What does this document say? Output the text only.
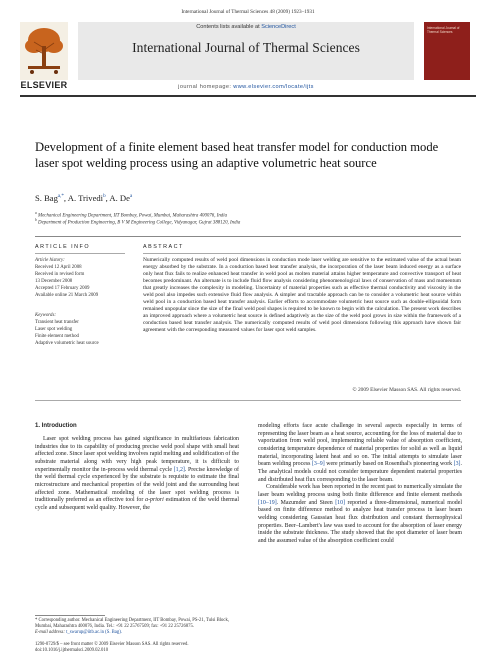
International Journal of Thermal Sciences 48 (2009) 1923–1931
ELSEVIER
Contents lists available at ScienceDirect
International Journal of Thermal Sciences
journal homepage: www.elsevier.com/locate/ijts
International Journal of Thermal Sciences
Development of a finite element based heat transfer model for conduction mode laser spot welding process using an adaptive volumetric heat source
S. Bag$^{a,*}$, A. Trivedi$^b$, A. De$^a$
$^a$ Mechanical Engineering Department, IIT Bombay, Powai, Mumbai, Maharashtra 400076, India
$^b$ Department of Production Engineering, B V M Engineering College, Vidyanagar, Gujrat 388120, India
ARTICLE INFO	ABSTRACT
Article history:
Received 12 April 2008
Received in revised form
13 December 2008
Accepted 17 February 2009
Available online 21 March 2009
Keywords:
Transient heat transfer
Laser spot welding
Finite element method
Adaptive volumetric heat source
Numerically computed results of weld pool dimensions in conduction mode laser welding are sensitive to the estimated value of the actual beam energy absorbed by the substrate. In a conduction based heat transfer analysis, the incorporation of the laser beam induced energy as a surface only heat flux fails to realize enhanced heat transfer in weld pool as molten material attains higher temperature and convective transport of heat becomes predominant. An alternate is to include fluid flow analysis considering phenomenological laws of conservation of mass and momentum that greatly increases the complexity in modeling. Uncertainty of material properties such as effective thermal conductivity and viscosity in the weld pool also impedes such extensive fluid flow analysis. A simpler and tractable approach can be to consider a volumetric heat source within weld pool in a conduction based heat transfer analysis. Earlier efforts to accommodate volumetric heat source such as double-ellipsoidal form remained unpopular since the size of the final weld pool shapes is required to be known to begin with the calculation. The present work describes an improved approach where a volumetric heat source is defined adaptively as the size of the weld pool grows in size within the framework of a conduction based heat transfer analysis. The numerically computed results of weld pool dimensions following this approach have shown fair agreement with the corresponding measured values for laser spot weld samples.
© 2009 Elsevier Masson SAS. All rights reserved.
1. Introduction
Laser spot welding process has gained significance in multifarious fabrication industries due to its capability of producing precise weld pool shape with small heat affected zone. Since laser spot welding involves rapid melting and solidification of the substrate material along with very high peak temperature, it is difficult to experimentally monitor the in-process weld thermal cycle [1,2]. Precise knowledge of the weld thermal cycle experienced by the substrate is requisite to estimate the final microstructure and mechanical properties of the weld joint and the surrounding heat affected zone. Mathematical modeling of the laser spot welding process is traditionally preferred as an effective tool for a-priori estimation of the weld thermal cycle and subsequent weld quality. However, the
modeling efforts face acute challenge in several aspects especially in terms of representing the laser beam as a heat source, accounting for the loss of material due to vaporization from weld pool, implementing reliable value of absorption coefficient, considering temperature dependence of material properties for solid as well as liquid material, incorporating latent heat and so on. The initial attempts to simulate laser beam welding process [3–9] were primarily based on Rosenthal's pioneering work [3]. The analytical models could not consider temperature dependent material properties and distributed heat flux corresponding to the laser beam.
Considerable work has been reported in the recent past to numerically simulate the laser beam welding process using both finite difference and finite element methods [10–19]. Mazumder and Steen [10] reported a three-dimensional, numerical model based on finite difference method to analyze heat transfer process in laser beam welding considering Gaussian heat flux distribution and constant thermophysical properties. Beer–Lambert's law was used to account for the absorption of laser energy inside the substrate thickness. The study showed that the spot diameter of laser beam and the assumed value of the absorption coefficient could
* Corresponding author. Mechanical Engineering Department, IIT Bombay, Powai, PS-21, Tulsi Block, Mumbai, Maharashtra 400076, India. Tel.: +91 22 25767509; fax: +91 22 25726875.
E-mail address: t_swarup@iitb.ac.in (S. Bag).
1290-0729/$ – see front matter © 2009 Elsevier Masson SAS. All rights reserved.
doi:10.1016/j.ijthermalsci.2009.02.010
